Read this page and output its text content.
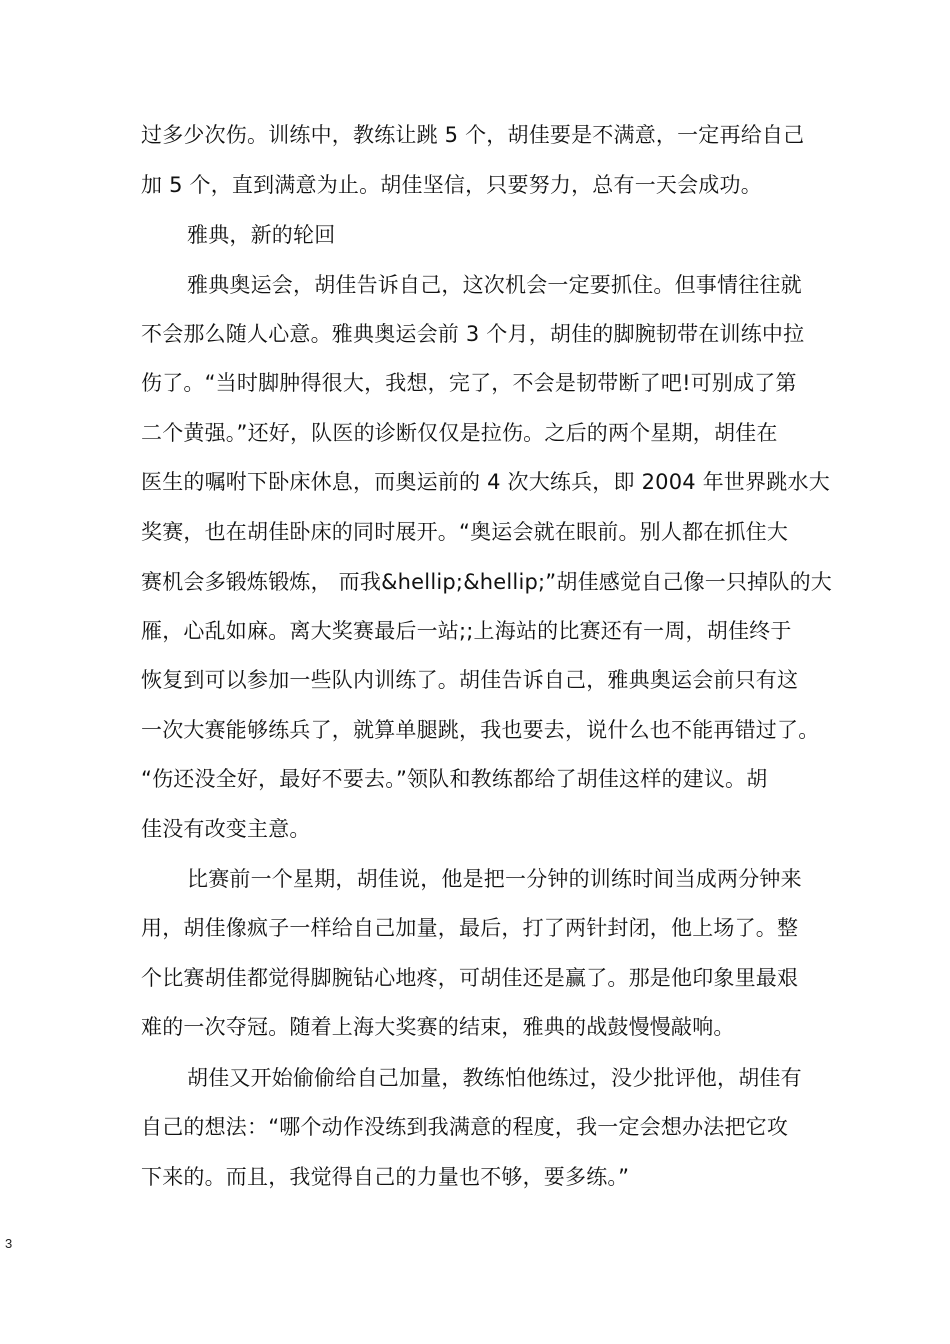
过多少次伤。训练中，教练让跳 5 个，胡佳要是不满意，一定再给自己
加 5 个，直到满意为止。胡佳坚信，只要努力，总有一天会成功。
雅典，新的轮回
雅典奥运会，胡佳告诉自己，这次机会一定要抓住。但事情往往就
不会那么随人心意。雅典奥运会前 3 个月，胡佳的脚腕韧带在训练中拉
伤了。“当时脚肿得很大，我想，完了，不会是韧带断了吧!可别成了第
二个黄强。”还好，队医的诊断仅仅是拉伤。之后的两个星期，胡佳在
医生的嘱咐下卧床休息，而奥运前的 4 次大练兵，即 2004 年世界跳水大
奖赛，也在胡佳卧床的同时展开。“奥运会就在眼前。别人都在抓住大
赛机会多锻炼锻炼， 而我&hellip;&hellip;”胡佳感觉自己像一只掉队的大
雁，心乱如麻。离大奖赛最后一站;;上海站的比赛还有一周，胡佳终于
恢复到可以参加一些队内训练了。胡佳告诉自己，雅典奥运会前只有这
一次大赛能够练兵了，就算单腿跳，我也要去，说什么也不能再错过了。
“伤还没全好，最好不要去。”领队和教练都给了胡佳这样的建议。胡
佳没有改变主意。
比赛前一个星期，胡佳说，他是把一分钟的训练时间当成两分钟来
用，胡佳像疯子一样给自己加量，最后，打了两针封闭，他上场了。整
个比赛胡佳都觉得脚腕钻心地疼，可胡佳还是赢了。那是他印象里最艰
难的一次夺冠。随着上海大奖赛的结束，雅典的战鼓慢慢敲响。
胡佳又开始偷偷给自己加量，教练怕他练过，没少批评他，胡佳有
自己的想法：“哪个动作没练到我满意的程度，我一定会想办法把它攻
下来的。而且，我觉得自己的力量也不够，要多练。”
3
